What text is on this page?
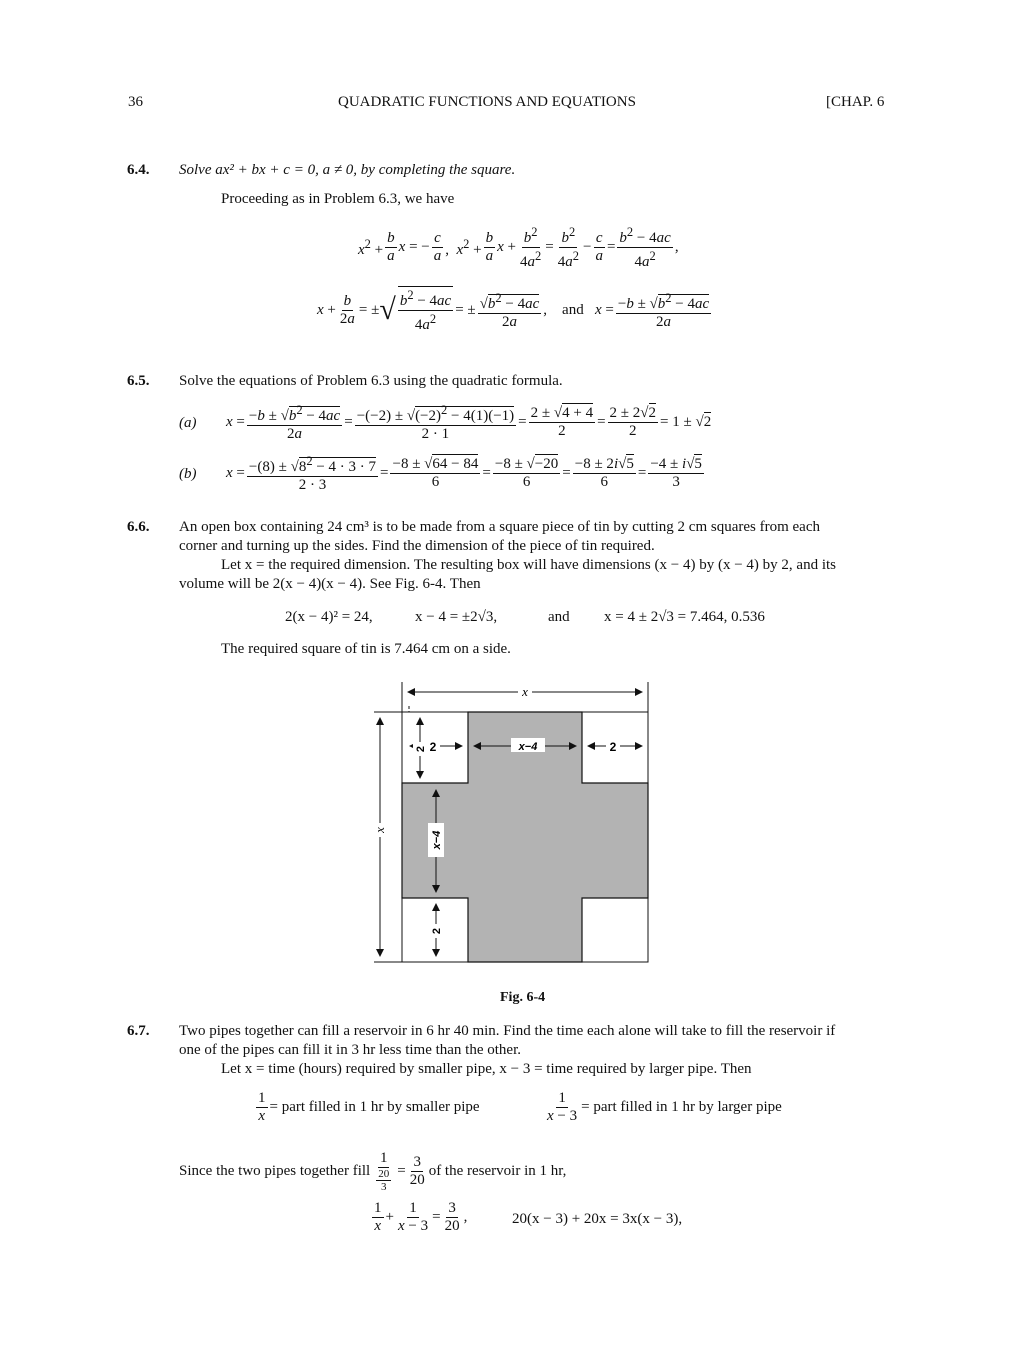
36	QUADRATIC FUNCTIONS AND EQUATIONS	[CHAP. 6
6.4. Solve ax² + bx + c = 0, a ≠ 0, by completing the square.
Proceeding as in Problem 6.3, we have
$x^2 + \frac{b}{a}$ x = − $\frac{c}{a}$ ,  $x^2 + \frac{b}{a}$ $x + \frac{b^2}{4a^2} = \frac{b^2}{4a^2} - \frac{c}{a} = \frac{b^2 - 4ac}{4a^2}$ ,
$x + \frac{b}{2a}$ = ± √ $\frac{b^2 - 4ac}{4a^2}$ = ± $\frac{√b^2 - 4ac}{2a}$ , and $x = \frac{-b \pm √b^2 - 4ac}{2a}$
6.5. Solve the equations of Problem 6.3 using the quadratic formula.
(a) $x = \frac{-b \pm √b^2 - 4ac}{2a} = \frac{-(-2) \pm √(-2)^2 - 4(1)(-1)}{2 \cdot 1} = \frac{2 \pm √4 + 4}{2} = \frac{2 \pm 2√2}{2} = 1 \pm √2$
(b) $x = \frac{-(8) \pm √8^2 - 4 \cdot 3 \cdot 7}{2 \cdot 3} = \frac{-8 \pm √64 - 84}{6} = \frac{-8 \pm √-20}{6} = \frac{-8 \pm 2i√5}{6} = \frac{-4 \pm i√5}{3}$
6.6. An open box containing 24 cm³ is to be made from a square piece of tin by cutting 2 cm squares from each
corner and turning up the sides. Find the dimension of the piece of tin required.
Let x = the required dimension. The resulting box will have dimensions (x − 4) by (x − 4) by 2, and its
volume will be 2(x − 4)(x − 4). See Fig. 6-4. Then
2(x − 4)² = 24,	x − 4 = ±2√3,	and x = 4 ± 2√3 = 7.464, 0.536
The required square of tin is 7.464 cm on a side.
x
x
2	2
x−4
2
x−4
2
Fig. 6-4
6.7. Two pipes together can fill a reservoir in 6 hr 40 min. Find the time each alone will take to fill the reservoir if
one of the pipes can fill it in 3 hr less time than the other.
Let x = time (hours) required by smaller pipe, x − 3 = time required by larger pipe. Then
$\frac{1}{x}$ = part filled in 1 hr by smaller pipe	$\frac{1}{x - 3}$ = part filled in 1 hr by larger pipe
Since the two pipes together fill $\frac{1}{\frac{20}{3}} = \frac{3}{20}$ of the reservoir in 1 hr,
1
x
+ $\frac{1}{x - 3} = \frac{3}{20}$ ,	20(x − 3) + 20x = 3x(x − 3),
